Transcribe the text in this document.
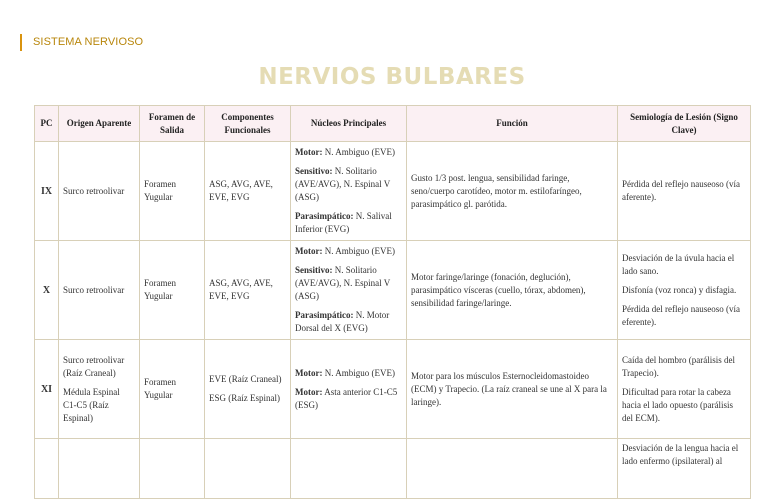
SISTEMA NERVIOSO
NERVIOS BULBARES
PC	Origen Aparente	Foramen de Salida	Componentes Funcionales	Núcleos Principales	Función	Semiología de Lesión (Signo Clave)
IX	Surco retroolivar	Foramen Yugular	ASG, AVG, AVE, EVE, EVG	Motor: N. Ambiguo (EVE)
Sensitivo: N. Solitario (AVE/AVG), N. Espinal V (ASG)
Parasimpático: N. Salival Inferior (EVG)	Gusto 1/3 post. lengua, sensibilidad faringe, seno/cuerpo carotídeo, motor m. estilofaríngeo, parasimpático gl. parótida.	Pérdida del reflejo nauseoso (vía aferente).

X	Surco retroolivar	Foramen Yugular	ASG, AVG, AVE, EVE, EVG	Motor: N. Ambiguo (EVE)
Sensitivo: N. Solitario (AVE/AVG), N. Espinal V (ASG)
Parasimpático: N. Motor Dorsal del X (EVG)	Motor faringe/laringe (fonación, deglución), parasimpático vísceras (cuello, tórax, abdomen), sensibilidad faringe/laringe.	Desviación de la úvula hacia el lado sano.
Disfonía (voz ronca) y disfagia.
Pérdida del reflejo nauseoso (vía eferente).

XI	Surco retroolivar (Raíz Craneal)
Médula Espinal C1-C5 (Raíz Espinal)	Foramen Yugular	EVE (Raíz Craneal)
ESG (Raíz Espinal)	Motor: N. Ambiguo (EVE)
Motor: Asta anterior C1-C5 (ESG)	Motor para los músculos Esternocleidomastoideo (ECM) y Trapecio. (La raíz craneal se une al X para la laringe).	Caída del hombro (parálisis del Trapecio).
Dificultad para rotar la cabeza hacia el lado opuesto (parálisis del ECM).

						Desviación de la lengua hacia el lado enfermo (ipsilateral) al
